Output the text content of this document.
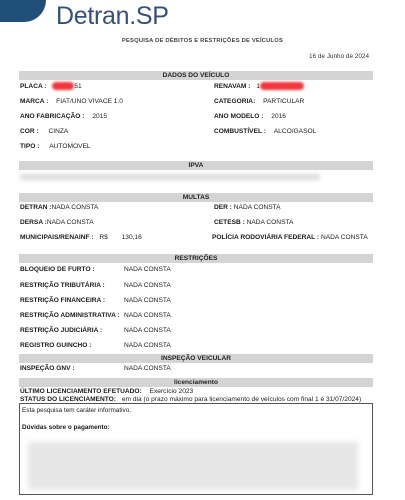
Detran.SP
PESQUISA DE DÉBITOS E RESTRIÇÕES DE VEÍCULOS
16 de Junho de 2024
DADOS DO VEÍCULO
PLACA :	51	RENAVAM : 1
MARCA : FIAT/UNO VIVACE 1.0	CATEGORIA: PARTICULAR
ANO FABRICAÇÃO : 2015	ANO MODELO : 2016
COR : CINZA	COMBUSTÍVEL : ALCO/GASOL
TIPO : AUTOMOVEL
IPVA
MULTAS
DETRAN :NADA CONSTA	DER : NADA CONSTA
DERSA :NADA CONSTA	CETESB : NADA CONSTA
MUNICIPAIS/RENAINF : R$ 130,16	POLÍCIA RODOVIÁRIA FEDERAL : NADA CONSTA
RESTRIÇÕES
BLOQUEIO DE FURTO :	NADA CONSTA
RESTRIÇÃO TRIBUTÁRIA :	NADA CONSTA
RESTRIÇÃO FINANCEIRA :	NADA CONSTA
RESTRIÇÃO ADMINISTRATIVA : NADA CONSTA
RESTRIÇÃO JUDICIÁRIA :	NADA CONSTA
REGISTRO GUINCHO :	NADA CONSTA
INSPEÇÃO VEICULAR
INSPEÇÃO GNV :	NADA CONSTA
licenciamento
ÚLTIMO LICENCIAMENTO EFETUADO: Exercício 2023
STATUS DO LICENCIAMENTO: em dia (o prazo máximo para licenciamento de veículos com final 1 é 31/07/2024)
Esta pesquisa tem caráter informativo.
Dúvidas sobre o pagamento:
